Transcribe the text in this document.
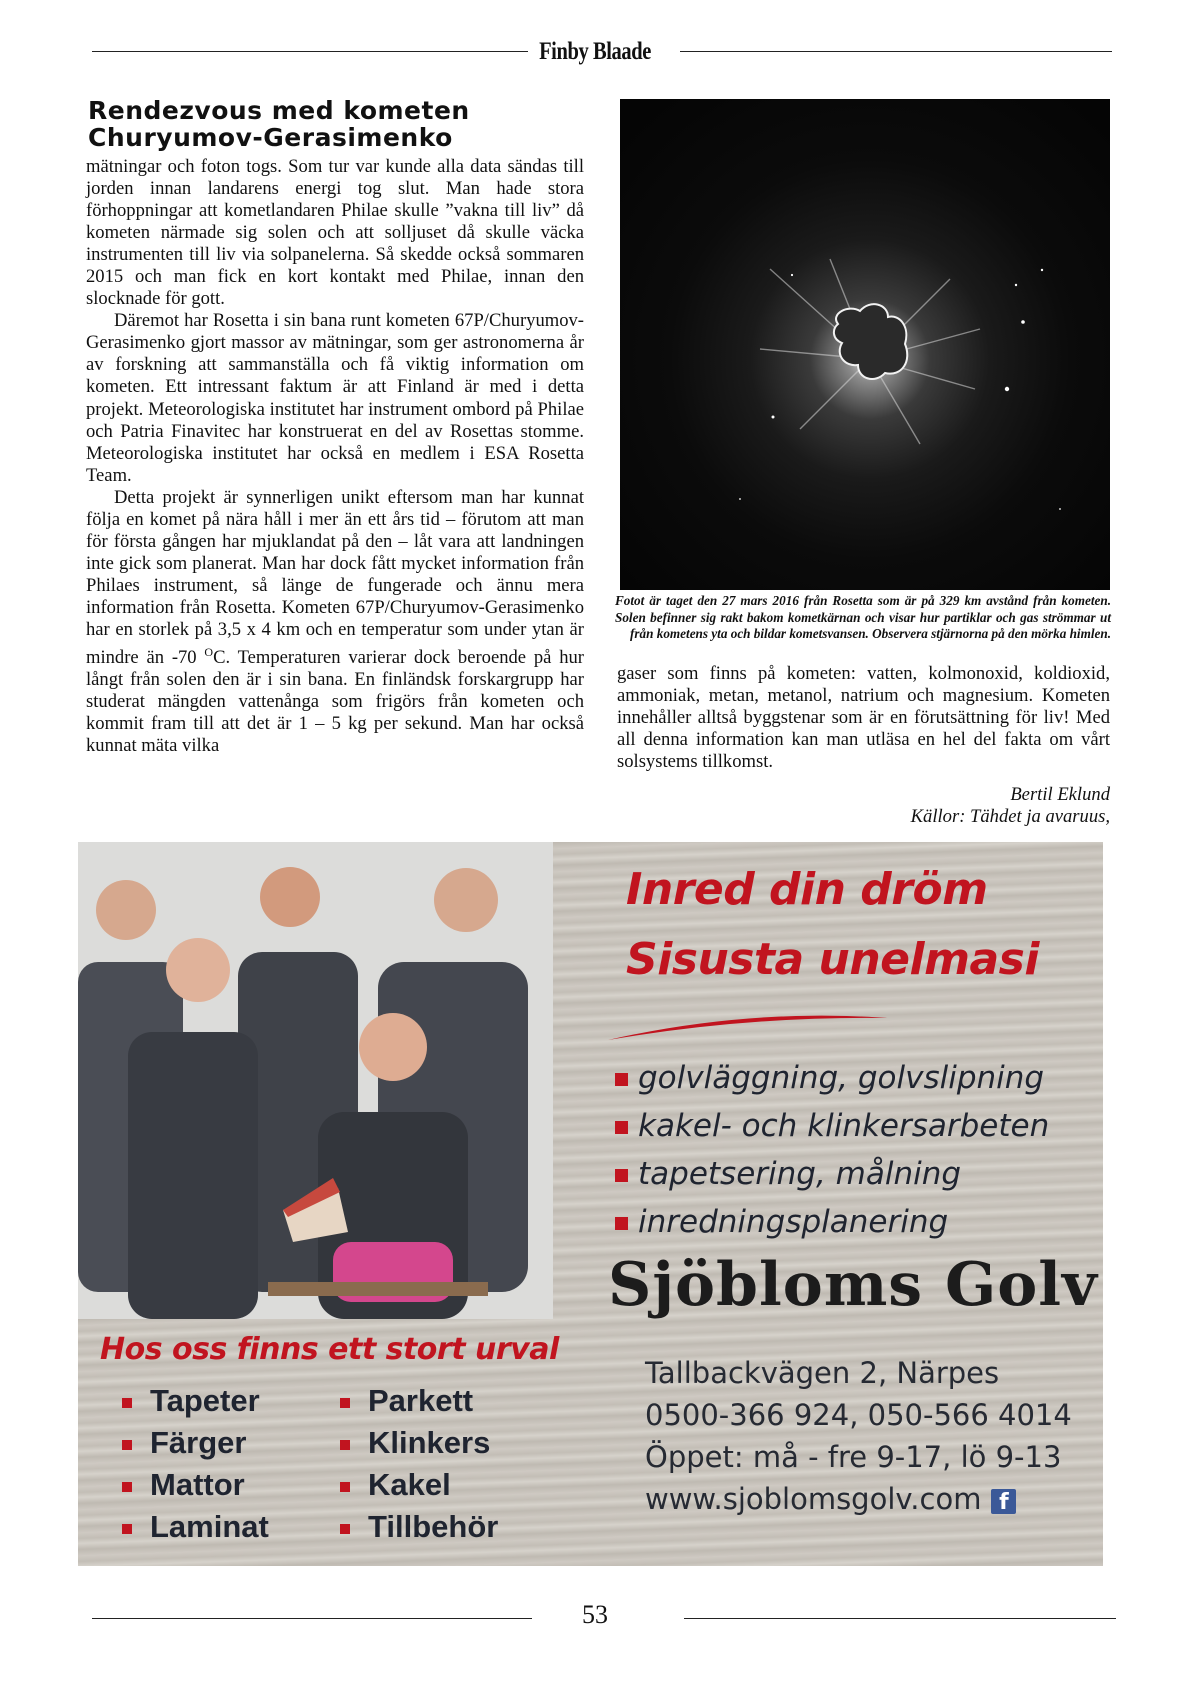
Finby Blaade
Rendezvous med kometen
Churyumov-Gerasimenko

mätningar och foton togs. Som tur var kunde alla data sändas till jorden innan landarens energi tog slut. Man hade stora förhoppningar att kometlandaren Philae skulle ”vakna till liv” då kometen närmade sig solen och att solljuset då skulle väcka instrumenten till liv via solpanelerna. Så skedde också sommaren 2015 och man fick en kort kontakt med Philae, innan den slocknade för gott.

Däremot har Rosetta i sin bana runt kometen 67P/Churyumov-Gerasimenko gjort massor av mätningar, som ger astronomerna år av forskning att sammanställa och få viktig information om kometen. Ett intressant faktum är att Finland är med i detta projekt. Meteorologiska institutet har instrument ombord på Philae och Patria Finavitec har konstruerat en del av Rosettas stomme. Meteorologiska institutet har också en medlem i ESA Rosetta Team.

Detta projekt är synnerligen unikt eftersom man har kunnat följa en komet på nära håll i mer än ett års tid – förutom att man för första gången har mjuklandat på den – låt vara att landningen inte gick som planerat. Man har dock fått mycket information från Philaes instrument, så länge de fungerade och ännu mera information från Rosetta. Kometen 67P/Churyumov-Gerasimenko har en storlek på 3,5 x 4 km och en temperatur som under ytan är mindre än -70 $^O$C. Temperaturen varierar dock beroende på hur långt från solen den är i sin bana. En finländsk forskargrupp har studerat mängden vattenånga som frigörs från kometen och kommit fram till att det är 1 – 5 kg per sekund. Man har också kunnat mäta vilka

Fotot är taget den 27 mars 2016 från Rosetta som är på 329 km avstånd från kometen. Solen befinner sig rakt bakom kometkärnan och visar hur partiklar och gas strömmar ut från kometens yta och bildar kometsvansen. Observera stjärnorna på den mörka himlen.

gaser som finns på kometen: vatten, kolmonoxid, koldioxid, ammoniak, metan, metanol, natrium och magnesium. Kometen innehåller alltså byggstenar som är en förutsättning för liv! Med all denna information kan man utläsa en hel del fakta om vårt solsystems tillkomst.

Bertil Eklund
Källor: Tähdet ja avaruus,
Inred din dröm
Sisusta unelmasi
golvläggning, golvslipning
kakel- och klinkersarbeten
tapetsering, målning
inredningsplanering
Sjöbloms Golv
Tallbackvägen 2, Närpes
0500-366 924, 050-566 4014
Öppet: må - fre 9-17, lö 9-13
www.sjoblomsgolv.com f
Hos oss finns ett stort urval
Tapeter
Färger
Mattor
Laminat
Parkett
Klinkers
Kakel
Tillbehör
53
